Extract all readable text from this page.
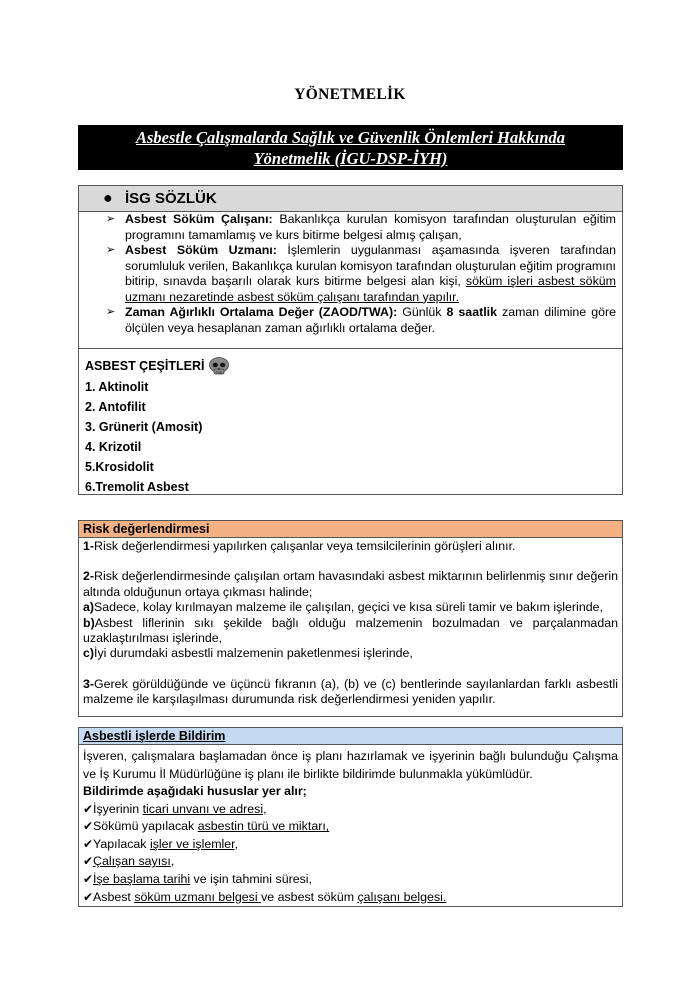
YÖNETMELİK
Asbestle Çalışmalarda Sağlık ve Güvenlik Önlemleri Hakkında
Yönetmelik (İGU-DSP-İYH)
● İSG SÖZLÜK
➢ Asbest Söküm Çalışanı: Bakanlıkça kurulan komisyon tarafından oluşturulan eğitim programını tamamlamış ve kurs bitirme belgesi almış çalışan,
➢ Asbest Söküm Uzmanı: İşlemlerin uygulanması aşamasında işveren tarafından sorumluluk verilen, Bakanlıkça kurulan komisyon tarafından oluşturulan eğitim programını bitirip, sınavda başarılı olarak kurs bitirme belgesi alan kişi, söküm işleri asbest söküm uzmanı nezaretinde asbest söküm çalışanı tarafından yapılır.
➢ Zaman Ağırlıklı Ortalama Değer (ZAOD/TWA): Günlük 8 saatlik zaman dilimine göre ölçülen veya hesaplanan zaman ağırlıklı ortalama değer.
ASBEST ÇEŞİTLERİ
1. Aktinolit
2. Antofilit
3. Grünerit (Amosit)
4. Krizotil
5.Krosidolit
6.Tremolit Asbest
Risk değerlendirmesi

1-Risk değerlendirmesi yapılırken çalışanlar veya temsilcilerinin görüşleri alınır.

2-Risk değerlendirmesinde çalışılan ortam havasındaki asbest miktarının belirlenmiş sınır değerin altında olduğunun ortaya çıkması halinde;

a)Sadece, kolay kırılmayan malzeme ile çalışılan, geçici ve kısa süreli tamir ve bakım işlerinde,

b)Asbest liflerinin sıkı şekilde bağlı olduğu malzemenin bozulmadan ve parçalanmadan uzaklaştırılması işlerinde,

c)İyi durumdaki asbestli malzemenin paketlenmesi işlerinde,

3-Gerek görüldüğünde ve üçüncü fıkranın (a), (b) ve (c) bentlerinde sayılanlardan farklı asbestli malzeme ile karşılaşılması durumunda risk değerlendirmesi yeniden yapılır.

Asbestli işlerde Bildirim

İşveren, çalışmalara başlamadan önce iş planı hazırlamak ve işyerinin bağlı bulunduğu Çalışma ve İş Kurumu İl Müdürlüğüne iş planı ile birlikte bildirimde bulunmakla yükümlüdür.

Bildirimde aşağıdaki hususlar yer alır;

✔İşyerinin ticari unvanı ve adresi,

✔Sökümü yapılacak asbestin türü ve miktarı,

✔Yapılacak işler ve işlemler,

✔Çalışan sayısı,

✔İşe başlama tarihi ve işin tahmini süresi,

✔Asbest söküm uzmanı belgesi ve asbest söküm çalışanı belgesi.
